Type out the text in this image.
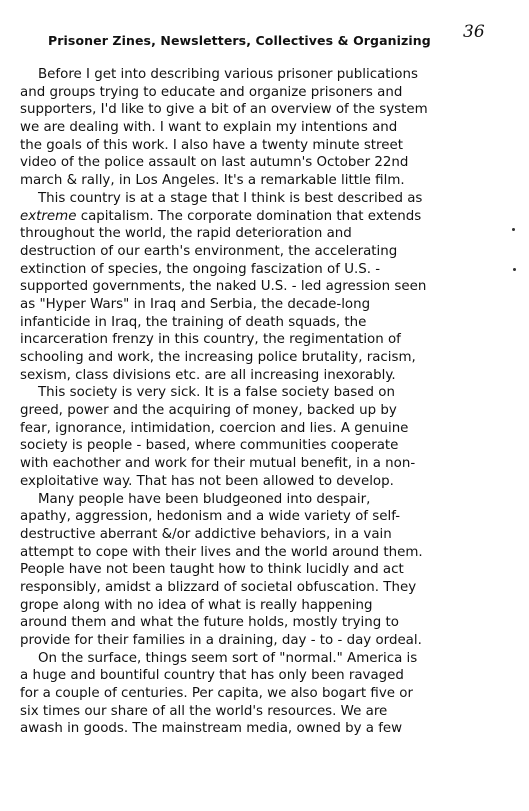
Prisoner Zines, Newsletters, Collectives & Organizing 36
Before I get into describing various prisoner publications
and groups trying to educate and organize prisoners and
supporters, I'd like to give a bit of an overview of the system
we are dealing with. I want to explain my intentions and
the goals of this work. I also have a twenty minute street
video of the police assault on last autumn's October 22nd
march & rally, in Los Angeles. It's a remarkable little film.
This country is at a stage that I think is best described as
extreme capitalism. The corporate domination that extends
throughout the world, the rapid deterioration and
destruction of our earth's environment, the accelerating
extinction of species, the ongoing fascization of U.S. -
supported governments, the naked U.S. - led agression seen
as "Hyper Wars" in Iraq and Serbia, the decade-long
infanticide in Iraq, the training of death squads, the
incarceration frenzy in this country, the regimentation of
schooling and work, the increasing police brutality, racism,
sexism, class divisions etc. are all increasing inexorably.
This society is very sick. It is a false society based on
greed, power and the acquiring of money, backed up by
fear, ignorance, intimidation, coercion and lies. A genuine
society is people - based, where communities cooperate
with eachother and work for their mutual benefit, in a non-
exploitative way. That has not been allowed to develop.
Many people have been bludgeoned into despair,
apathy, aggression, hedonism and a wide variety of self-
destructive aberrant &/or addictive behaviors, in a vain
attempt to cope with their lives and the world around them.
People have not been taught how to think lucidly and act
responsibly, amidst a blizzard of societal obfuscation. They
grope along with no idea of what is really happening
around them and what the future holds, mostly trying to
provide for their families in a draining, day - to - day ordeal.
On the surface, things seem sort of "normal." America is
a huge and bountiful country that has only been ravaged
for a couple of centuries. Per capita, we also bogart five or
six times our share of all the world's resources. We are
awash in goods. The mainstream media, owned by a few
